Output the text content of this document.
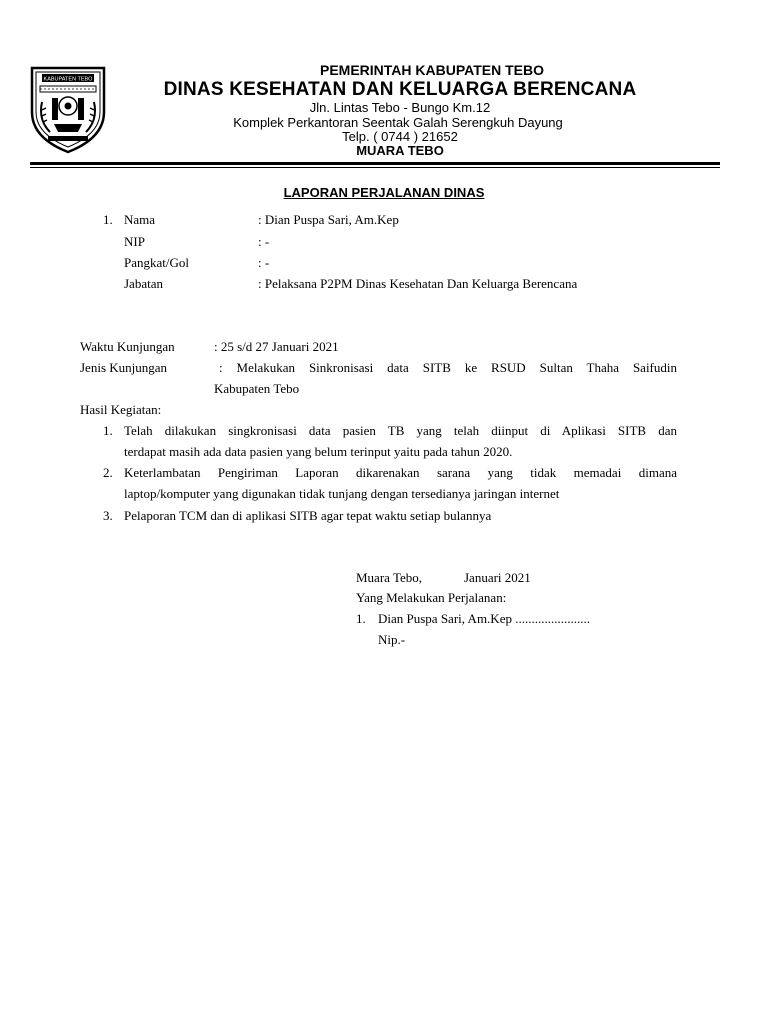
KABUPATEN TEBO
PEMERINTAH KABUPATEN TEBO
DINAS KESEHATAN DAN KELUARGA BERENCANA
Jln. Lintas Tebo - Bungo Km.12
Komplek Perkantoran Seentak Galah Serengkuh Dayung
Telp. ( 0744 ) 21652
MUARA TEBO
LAPORAN PERJALANAN DINAS
1. Nama	: Dian Puspa Sari, Am.Kep
NIP	: -
Pangkat/Gol	: -
Jabatan	: Pelaksana P2PM Dinas Kesehatan Dan Keluarga Berencana
Waktu Kunjungan	: 25 s/d 27 Januari 2021
Jenis Kunjungan	: Melakukan Sinkronisasi data SITB ke RSUD Sultan Thaha Saifudin
Kabupaten Tebo
Hasil Kegiatan:
1. Telah dilakukan singkronisasi data pasien TB yang telah diinput di Aplikasi SITB dan
terdapat masih ada data pasien yang belum terinput yaitu pada tahun 2020.
2. Keterlambatan Pengiriman Laporan dikarenakan sarana yang tidak memadai dimana
laptop/komputer yang digunakan tidak tunjang dengan tersedianya jaringan internet
3. Pelaporan TCM dan di aplikasi SITB agar tepat waktu setiap bulannya
Muara Tebo,	Januari 2021
Yang Melakukan Perjalanan:
1. Dian Puspa Sari, Am.Kep .......................
Nip.-
